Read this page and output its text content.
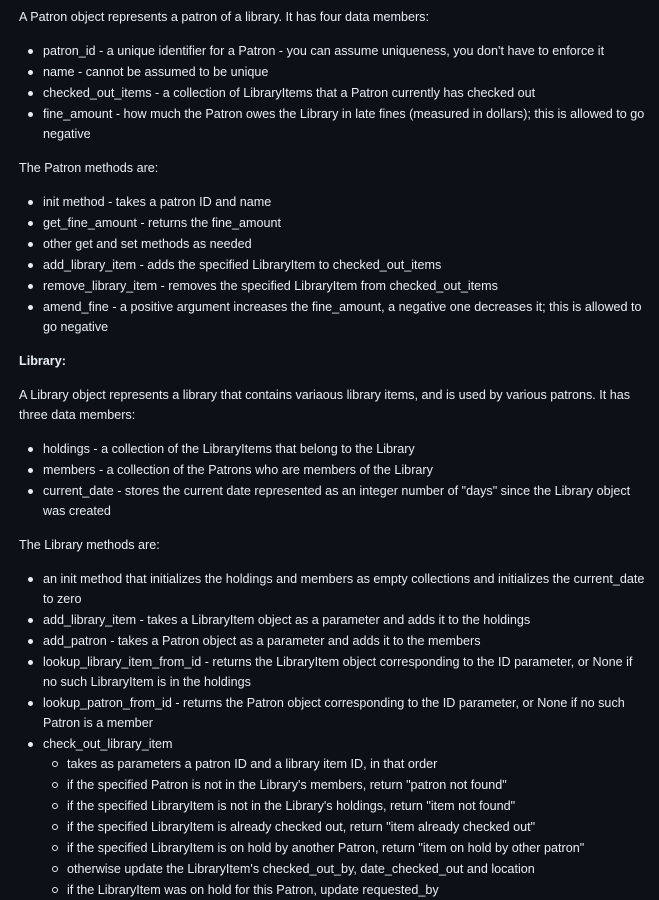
A Patron object represents a patron of a library. It has four data members:

patron_id - a unique identifier for a Patron - you can assume uniqueness, you don't have to enforce it
name - cannot be assumed to be unique
checked_out_items - a collection of LibraryItems that a Patron currently has checked out
fine_amount - how much the Patron owes the Library in late fines (measured in dollars); this is allowed to go negative

The Patron methods are:

init method - takes a patron ID and name
get_fine_amount - returns the fine_amount
other get and set methods as needed
add_library_item - adds the specified LibraryItem to checked_out_items
remove_library_item - removes the specified LibraryItem from checked_out_items
amend_fine - a positive argument increases the fine_amount, a negative one decreases it; this is allowed to go negative

Library:

A Library object represents a library that contains variaous library items, and is used by various patrons. It has three data members:

holdings - a collection of the LibraryItems that belong to the Library
members - a collection of the Patrons who are members of the Library
current_date - stores the current date represented as an integer number of "days" since the Library object was created

The Library methods are:

an init method that initializes the holdings and members as empty collections and initializes the current_date to zero
add_library_item - takes a LibraryItem object as a parameter and adds it to the holdings
add_patron - takes a Patron object as a parameter and adds it to the members
lookup_library_item_from_id - returns the LibraryItem object corresponding to the ID parameter, or None if no such LibraryItem is in the holdings
lookup_patron_from_id - returns the Patron object corresponding to the ID parameter, or None if no such Patron is a member
check_out_library_item
takes as parameters a patron ID and a library item ID, in that order
if the specified Patron is not in the Library's members, return "patron not found"
if the specified LibraryItem is not in the Library's holdings, return "item not found"
if the specified LibraryItem is already checked out, return "item already checked out"
if the specified LibraryItem is on hold by another Patron, return "item on hold by other patron"
otherwise update the LibraryItem's checked_out_by, date_checked_out and location
if the LibraryItem was on hold for this Patron, update requested_by
